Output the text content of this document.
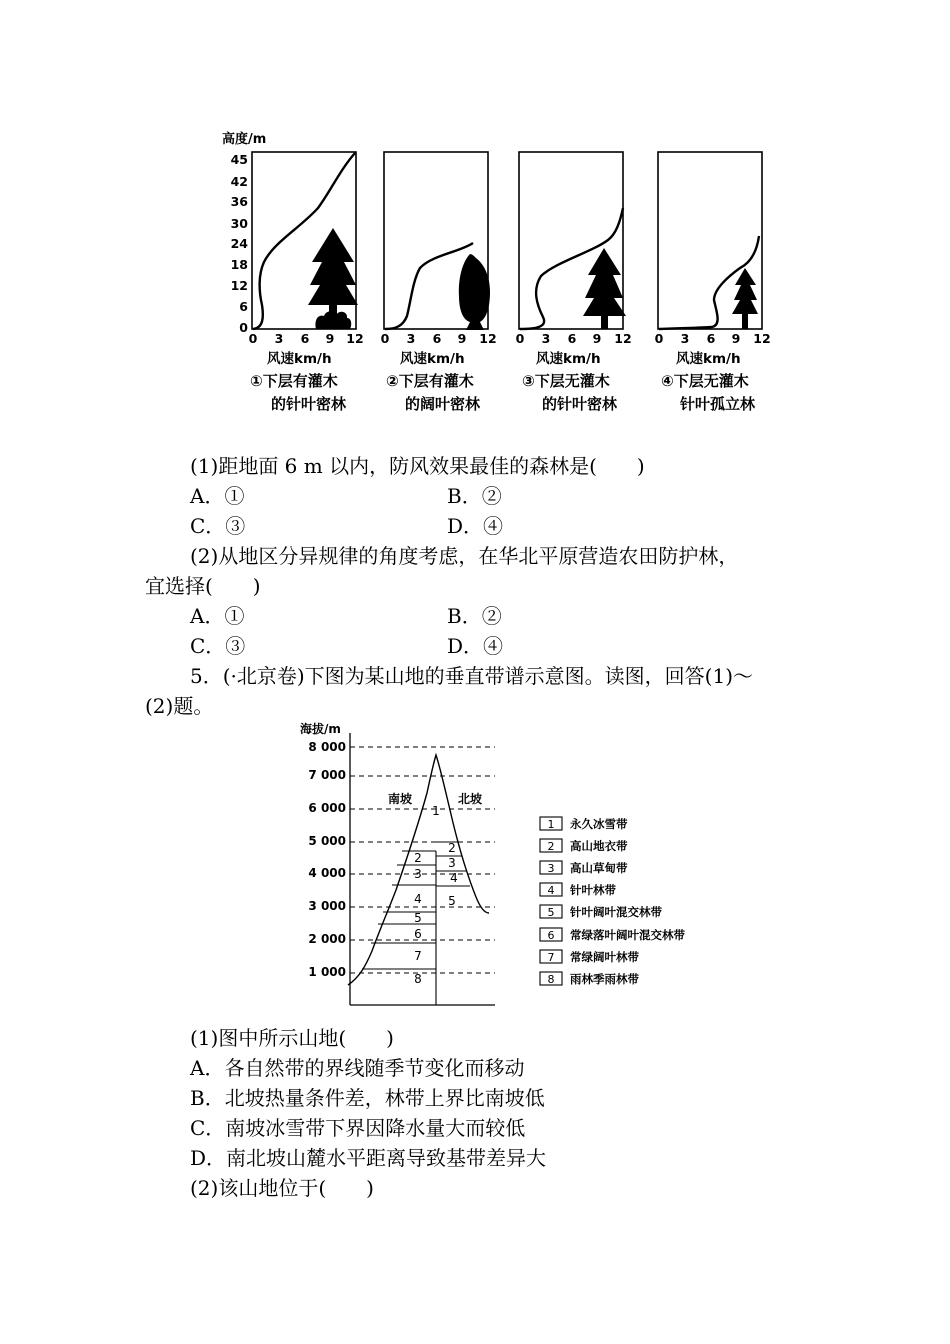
高度/m
45
42
36
30
24
18
12
6
0
0 3 6 9 12 0 3 6 9 12 0 3 6 9 12 0 3 6 9 12
风速km/h	风速km/h	风速km/h	风速km/h
①下层有灌木
的针叶密林
②下层有灌木
的阔叶密林
③下层无灌木
的针叶密林
④下层无灌木
针叶孤立林
(1)距地面 6 m 以内，防风效果最佳的森林是(　　)
A．①	B．②
C．③	D．④
(2)从地区分异规律的角度考虑，在华北平原营造农田防护林，
宜选择(　　)
A．①	B．②
C．③	D．④
5．(·北京卷)下图为某山地的垂直带谱示意图。读图，回答(1)～
(2)题。
海拔/m
8 000
7 000
6 000
5 000
4 000
3 000
2 000
1 000
1
2
3
4
5
6
7
8
2
3
4
5
南坡	北坡
1
2
3
4
5
6
7
8
永久冰雪带
高山地衣带
高山草甸带
针叶林带
针叶阔叶混交林带
常绿落叶阔叶混交林带
常绿阔叶林带
雨林季雨林带
(1)图中所示山地(　　)
A．各自然带的界线随季节变化而移动
B．北坡热量条件差，林带上界比南坡低
C．南坡冰雪带下界因降水量大而较低
D．南北坡山麓水平距离导致基带差异大
(2)该山地位于(　　)
